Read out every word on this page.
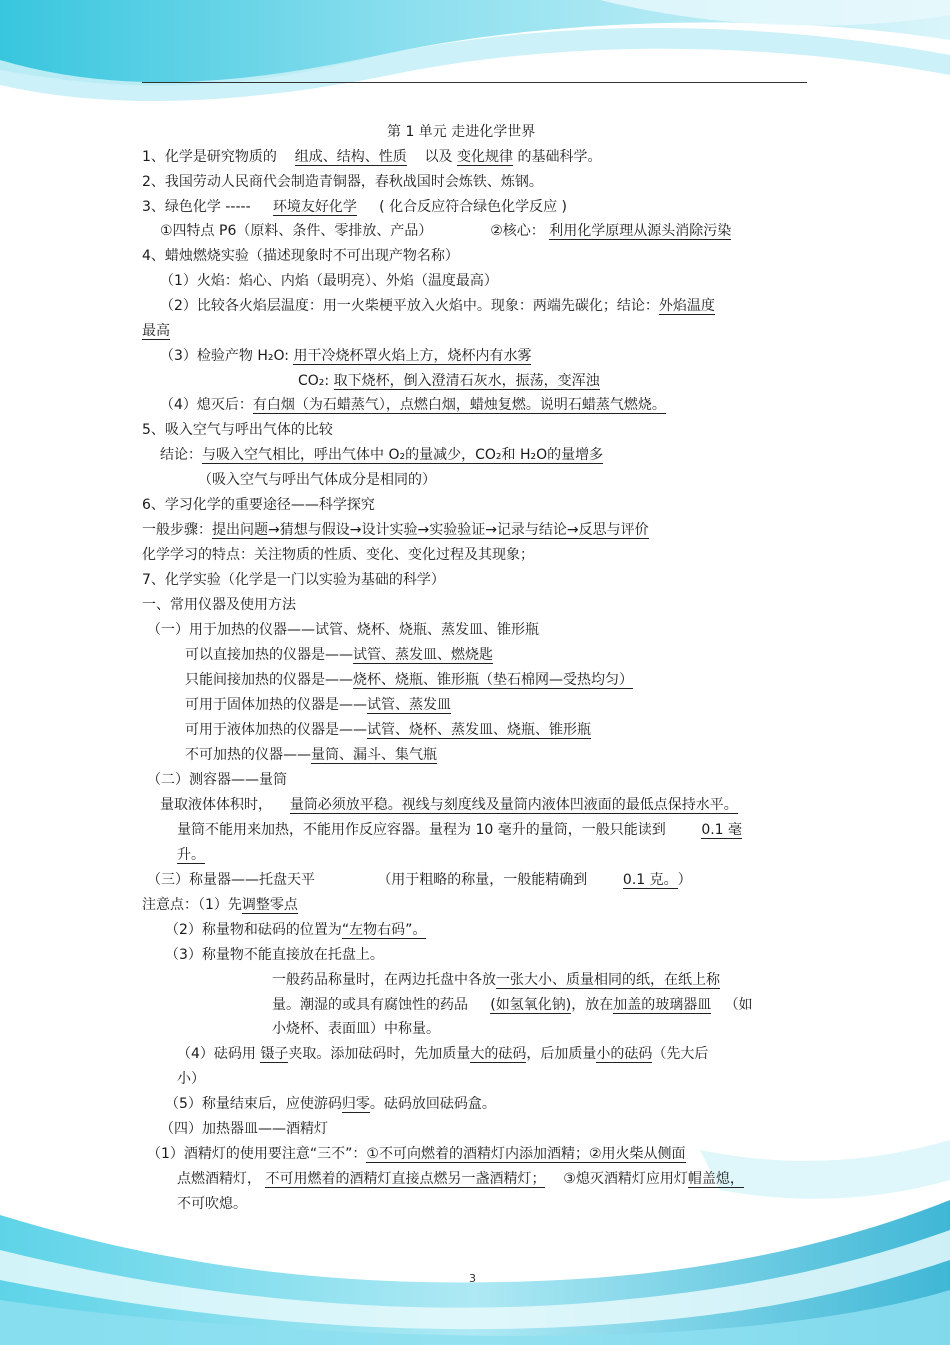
第 1 单元 走进化学世界
1、化学是研究物质的 组成、结构、性质 以及 变化规律 的基础科学。
2、我国劳动人民商代会制造青铜器，春秋战国时会炼铁、炼钢。
3、绿色化学 ----- 环境友好化学 ( 化合反应符合绿色化学反应 )
①四特点 P6（原料、条件、零排放、产品）	②核心： 利用化学原理从源头消除污染
4、蜡烛燃烧实验（描述现象时不可出现产物名称）
（1）火焰：焰心、内焰（最明亮）、外焰（温度最高）
（2）比较各火焰层温度：用一火柴梗平放入火焰中。现象：两端先碳化；结论：外焰温度
最高
（3）检验产物 H₂O: 用干冷烧杯罩火焰上方，烧杯内有水雾
CO₂: 取下烧杯，倒入澄清石灰水，振荡，变浑浊
（4）熄灭后：有白烟（为石蜡蒸气），点燃白烟，蜡烛复燃。说明石蜡蒸气燃烧。
5、吸入空气与呼出气体的比较
结论：与吸入空气相比，呼出气体中 O₂的量减少，CO₂和 H₂O的量增多
（吸入空气与呼出气体成分是相同的）
6、学习化学的重要途径——科学探究
一般步骤：提出问题→猜想与假设→设计实验→实验验证→记录与结论→反思与评价
化学学习的特点：关注物质的性质、变化、变化过程及其现象；
7、化学实验（化学是一门以实验为基础的科学）
一、常用仪器及使用方法
（一）用于加热的仪器——试管、烧杯、烧瓶、蒸发皿、锥形瓶
可以直接加热的仪器是——试管、蒸发皿、燃烧匙
只能间接加热的仪器是——烧杯、烧瓶、锥形瓶（垫石棉网—受热均匀）
可用于固体加热的仪器是——试管、蒸发皿
可用于液体加热的仪器是——试管、烧杯、蒸发皿、烧瓶、锥形瓶
不可加热的仪器——量筒、漏斗、集气瓶
（二）测容器——量筒
量取液体体积时， 量筒必须放平稳。视线与刻度线及量筒内液体凹液面的最低点保持水平。
量筒不能用来加热，不能用作反应容器。量程为 10 毫升的量筒，一般只能读到	0.1 毫
升。
（三）称量器——托盘天平	（用于粗略的称量，一般能精确到	0.1 克。）
注意点：（1）先调整零点
（2）称量物和砝码的位置为“左物右码”。
（3）称量物不能直接放在托盘上。
一般药品称量时，在两边托盘中各放一张大小、质量相同的纸，在纸上称
量。潮湿的或具有腐蚀性的药品 (如氢氧化钠)，放在加盖的玻璃器皿 （如
小烧杯、表面皿）中称量。
（4）砝码用 镊子夹取。添加砝码时，先加质量大的砝码，后加质量小的砝码（先大后
小）
（5）称量结束后，应使游码归零。砝码放回砝码盒。
（四）加热器皿——酒精灯
（1）酒精灯的使用要注意“三不”：①不可向燃着的酒精灯内添加酒精；②用火柴从侧面
点燃酒精灯， 不可用燃着的酒精灯直接点燃另一盏酒精灯； ③熄灭酒精灯应用灯帽盖熄，
不可吹熄。
3
